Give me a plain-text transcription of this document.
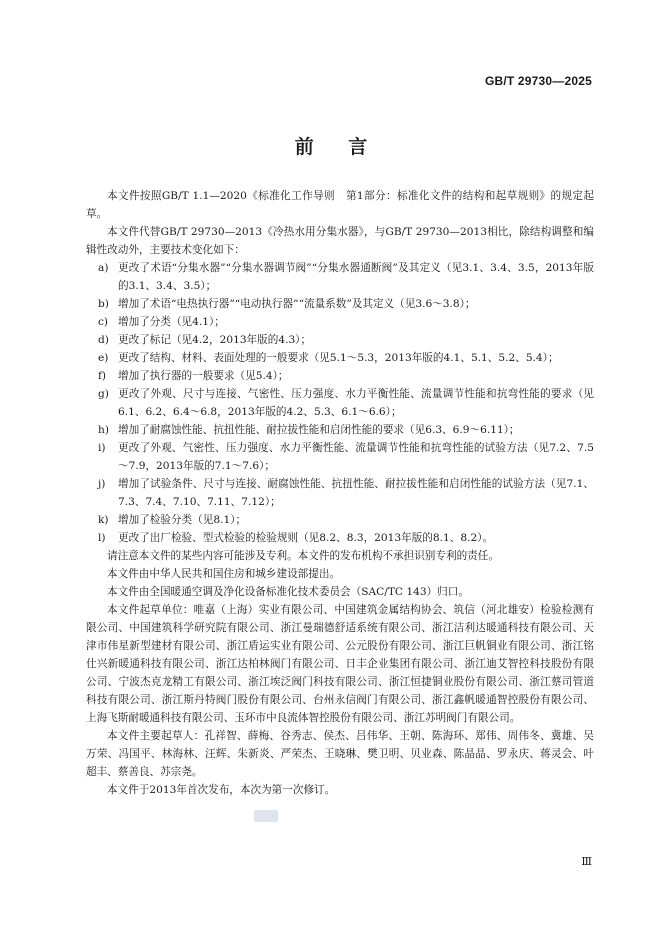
GB/T 29730—2025
前 言

本文件按照GB/T 1.1—2020《标准化工作导则　第1部分：标准化文件的结构和起草规则》的规定起草。

本文件代替GB/T 29730—2013《冷热水用分集水器》，与GB/T 29730—2013相比，除结构调整和编辑性改动外，主要技术变化如下：

a) 更改了术语“分集水器”“分集水器调节阀”“分集水器通断阀”及其定义（见3.1、3.4、3.5，2013年版的3.1、3.4、3.5）；
b) 增加了术语“电热执行器”“电动执行器”“流量系数”及其定义（见3.6～3.8）；
c) 增加了分类（见4.1）；
d) 更改了标记（见4.2，2013年版的4.3）；
e) 更改了结构、材料、表面处理的一般要求（见5.1～5.3，2013年版的4.1、5.1、5.2、5.4）；
f) 增加了执行器的一般要求（见5.4）；
g) 更改了外观、尺寸与连接、气密性、压力强度、水力平衡性能、流量调节性能和抗弯性能的要求（见6.1、6.2、6.4～6.8，2013年版的4.2、5.3、6.1～6.6）；
h) 增加了耐腐蚀性能、抗扭性能、耐拉拔性能和启闭性能的要求（见6.3、6.9～6.11）；
i) 更改了外观、气密性、压力强度、水力平衡性能、流量调节性能和抗弯性能的试验方法（见7.2、7.5～7.9，2013年版的7.1～7.6）；
j) 增加了试验条件、尺寸与连接、耐腐蚀性能、抗扭性能、耐拉拔性能和启闭性能的试验方法（见7.1、7.3、7.4、7.10、7.11、7.12）；
k) 增加了检验分类（见8.1）；
l) 更改了出厂检验、型式检验的检验规则（见8.2、8.3，2013年版的8.1、8.2）。

请注意本文件的某些内容可能涉及专利。本文件的发布机构不承担识别专利的责任。

本文件由中华人民共和国住房和城乡建设部提出。

本文件由全国暖通空调及净化设备标准化技术委员会（SAC/TC 143）归口。

本文件起草单位：唯嘉（上海）实业有限公司、中国建筑金属结构协会、筑信（河北雄安）检验检测有限公司、中国建筑科学研究院有限公司、浙江曼瑞德舒适系统有限公司、浙江洁利达暖通科技有限公司、天津市伟星新型建材有限公司、浙江盾运实业有限公司、公元股份有限公司、浙江巨帆铜业有限公司、浙江铭仕兴新暖通科技有限公司、浙江达柏林阀门有限公司、日丰企业集团有限公司、浙江迪艾智控科技股份有限公司、宁波杰克龙精工有限公司、浙江埃泛阀门科技有限公司、浙江恒捷铜业股份有限公司、浙江蔡司管道科技有限公司、浙江斯丹特阀门股份有限公司、台州永信阀门有限公司、浙江鑫帆暖通智控股份有限公司、上海飞斯耐暖通科技有限公司、玉环市中良流体智控股份有限公司、浙江苏明阀门有限公司。

本文件主要起草人：孔祥智、薛梅、谷秀志、侯杰、吕伟华、王朝、陈海环、郑伟、周伟冬、冀雄、吴万荣、冯国平、林海林、汪辉、朱新炎、严荣杰、王晓琳、樊卫明、贝业森、陈晶晶、罗永庆、蒋灵会、叶超丰、蔡善良、苏宗尧。

本文件于2013年首次发布，本次为第一次修订。

Ⅲ
